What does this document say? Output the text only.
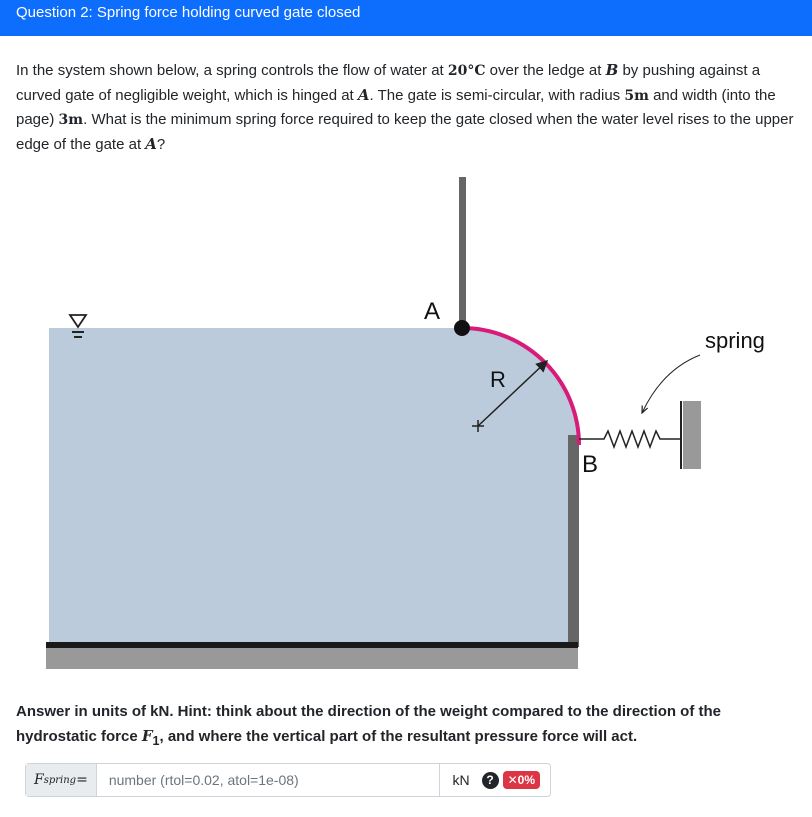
Question 2: Spring force holding curved gate closed
In the system shown below, a spring controls the flow of water at 20°C over the ledge at B by pushing against a curved gate of negligible weight, which is hinged at A. The gate is semi-circular, with radius 5m and width (into the page) 3m. What is the minimum spring force required to keep the gate closed when the water level rises to the upper edge of the gate at A?
A
R
B
spring
Answer in units of kN. Hint: think about the direction of the weight compared to the direction of the hydrostatic force $F_1$, and where the vertical part of the resultant pressure force will act.
F spring =
number (rtol=0.02, atol=1e-08)	kN	?	✕0%
